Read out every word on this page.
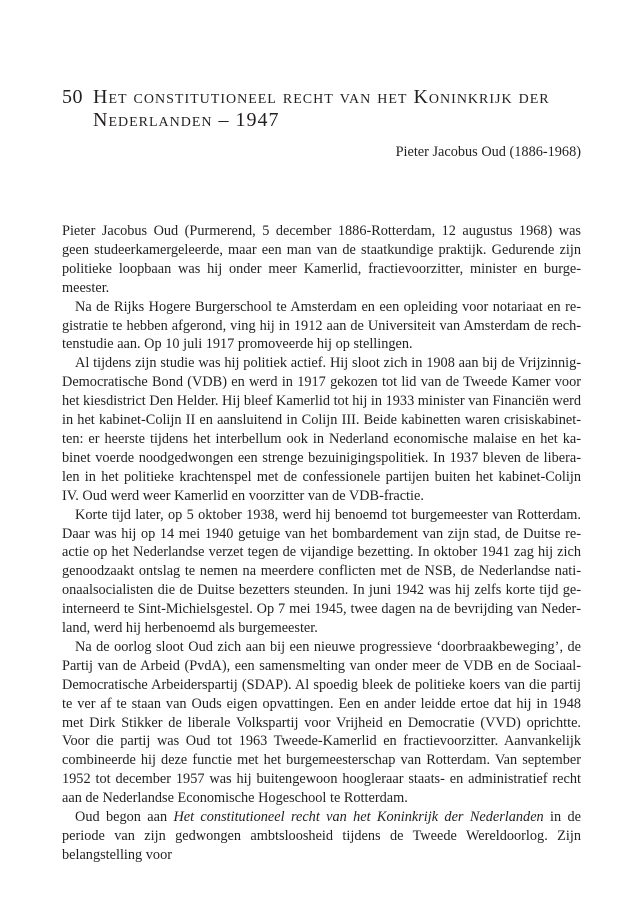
50 Het constitutioneel recht van het Koninkrijk der Nederlanden – 1947
Pieter Jacobus Oud (1886-1968)

Pieter Jacobus Oud (Purmerend, 5 december 1886-Rotterdam, 12 augustus 1968) was geen studeerkamergeleerde, maar een man van de staatkundige praktijk. Gedurende zijn politieke loopbaan was hij onder meer Kamerlid, fractievoorzitter, minister en burgemeester.

Na de Rijks Hogere Burgerschool te Amsterdam en een opleiding voor notariaat en registratie te hebben afgerond, ving hij in 1912 aan de Universiteit van Amsterdam de rechtenstudie aan. Op 10 juli 1917 promoveerde hij op stellingen.

Al tijdens zijn studie was hij politiek actief. Hij sloot zich in 1908 aan bij de Vrijzinnig-Democratische Bond (VDB) en werd in 1917 gekozen tot lid van de Tweede Kamer voor het kiesdistrict Den Helder. Hij bleef Kamerlid tot hij in 1933 minister van Financiën werd in het kabinet-Colijn II en aansluitend in Colijn III. Beide kabinetten waren crisiskabinetten: er heerste tijdens het interbellum ook in Nederland economische malaise en het kabinet voerde noodgedwongen een strenge bezuinigingspolitiek. In 1937 bleven de liberalen in het politieke krachtenspel met de confessionele partijen buiten het kabinet-Colijn IV. Oud werd weer Kamerlid en voorzitter van de VDB-fractie.

Korte tijd later, op 5 oktober 1938, werd hij benoemd tot burgemeester van Rotterdam. Daar was hij op 14 mei 1940 getuige van het bombardement van zijn stad, de Duitse reactie op het Nederlandse verzet tegen de vijandige bezetting. In oktober 1941 zag hij zich genoodzaakt ontslag te nemen na meerdere conflicten met de NSB, de Nederlandse nationaalsocialisten die de Duitse bezetters steunden. In juni 1942 was hij zelfs korte tijd geinterneerd te Sint-Michielsgestel. Op 7 mei 1945, twee dagen na de bevrijding van Nederland, werd hij herbenoemd als burgemeester.

Na de oorlog sloot Oud zich aan bij een nieuwe progressieve ‘doorbraakbeweging’, de Partij van de Arbeid (PvdA), een samensmelting van onder meer de VDB en de Sociaal-Democratische Arbeiderspartij (SDAP). Al spoedig bleek de politieke koers van die partij te ver af te staan van Ouds eigen opvattingen. Een en ander leidde ertoe dat hij in 1948 met Dirk Stikker de liberale Volkspartij voor Vrijheid en Democratie (VVD) oprichtte. Voor die partij was Oud tot 1963 Tweede-Kamerlid en fractievoorzitter. Aanvankelijk combineerde hij deze functie met het burgemeesterschap van Rotterdam. Van september 1952 tot december 1957 was hij buitengewoon hoogleraar staats- en administratief recht aan de Nederlandse Economische Hogeschool te Rotterdam.

Oud begon aan Het constitutioneel recht van het Koninkrijk der Nederlanden in de periode van zijn gedwongen ambtsloosheid tijdens de Tweede Wereldoorlog. Zijn belangstelling voor
